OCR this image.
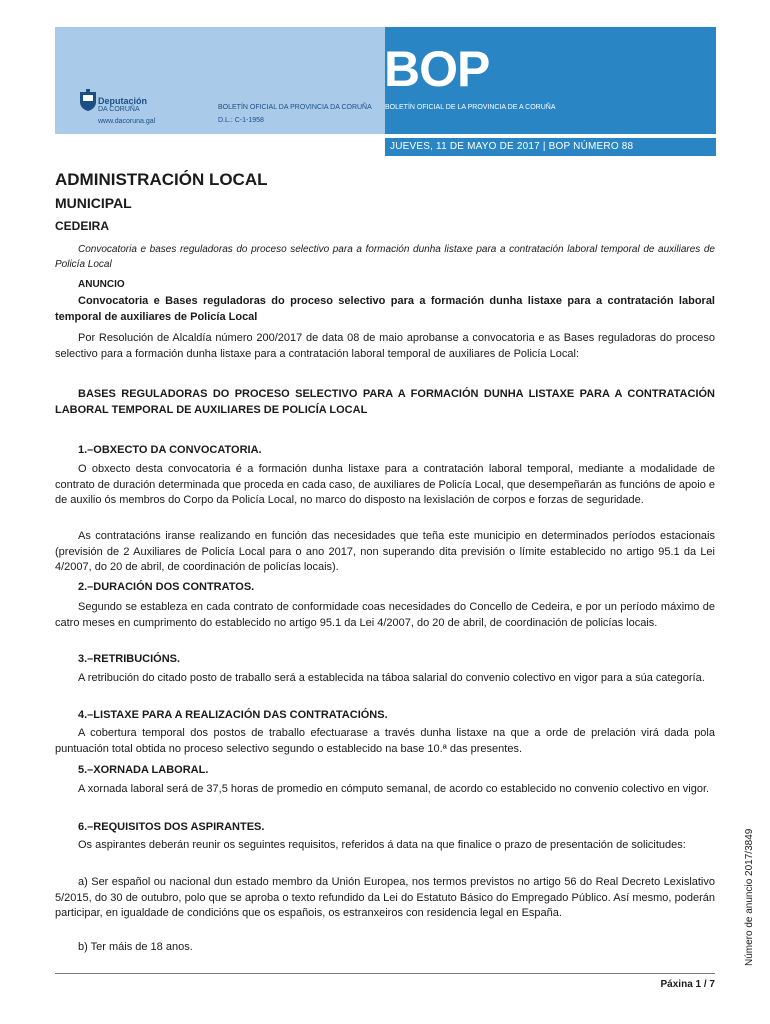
BOP
Deputación
DA CORUÑA
www.dacoruna.gal
BOLETÍN OFICIAL DA PROVINCIA DA CORUÑA BOLETÍN OFICIAL DE LA PROVINCIA DE A CORUÑA
D.L.: C-1-1958
JUEVES, 11 DE MAYO DE 2017 | BOP NÚMERO 88
ADMINISTRACIÓN LOCAL
MUNICIPAL
CEDEIRA
Convocatoria e bases reguladoras do proceso selectivo para a formación dunha listaxe para a contratación laboral temporal de auxiliares de Policía Local
ANUNCIO
Convocatoria e Bases reguladoras do proceso selectivo para a formación dunha listaxe para a contratación laboral temporal de auxiliares de Policía Local
Por Resolución de Alcaldía número 200/2017 de data 08 de maio aprobanse a convocatoria e as Bases reguladoras do proceso selectivo para a formación dunha listaxe para a contratación laboral temporal de auxiliares de Policía Local:
BASES REGULADORAS DO PROCESO SELECTIVO PARA A FORMACIÓN DUNHA LISTAXE PARA A CONTRATACIÓN LABORAL TEMPORAL DE AUXILIARES DE POLICÍA LOCAL
1.–OBXECTO DA CONVOCATORIA.
O obxecto desta convocatoria é a formación dunha listaxe para a contratación laboral temporal, mediante a modalidade de contrato de duración determinada que proceda en cada caso, de auxiliares de Policía Local, que desempeñarán as funcións de apoio e de auxilio ós membros do Corpo da Policía Local, no marco do disposto na lexislación de corpos e forzas de seguridade.
As contratacións iranse realizando en función das necesidades que teña este municipio en determinados períodos estacionais (previsión de 2 Auxiliares de Policía Local para o ano 2017, non superando dita previsión o límite establecido no artigo 95.1 da Lei 4/2007, do 20 de abril, de coordinación de policías locais).
2.–DURACIÓN DOS CONTRATOS.
Segundo se estableza en cada contrato de conformidade coas necesidades do Concello de Cedeira, e por un período máximo de catro meses en cumprimento do establecido no artigo 95.1 da Lei 4/2007, do 20 de abril, de coordinación de policías locais.
3.–RETRIBUCIÓNS.
A retribución do citado posto de traballo será a establecida na táboa salarial do convenio colectivo en vigor para a súa categoría.
4.–LISTAXE PARA A REALIZACIÓN DAS CONTRATACIÓNS.
A cobertura temporal dos postos de traballo efectuarase a través dunha listaxe na que a orde de prelación virá dada pola puntuación total obtida no proceso selectivo segundo o establecido na base 10.ª das presentes.
5.–XORNADA LABORAL.
A xornada laboral será de 37,5 horas de promedio en cómputo semanal, de acordo co establecido no convenio colectivo en vigor.
6.–REQUISITOS DOS ASPIRANTES.
Os aspirantes deberán reunir os seguintes requisitos, referidos á data na que finalice o prazo de presentación de solicitudes:
a) Ser español ou nacional dun estado membro da Unión Europea, nos termos previstos no artigo 56 do Real Decreto Lexislativo 5/2015, do 30 de outubro, polo que se aproba o texto refundido da Lei do Estatuto Básico do Empregado Público. Así mesmo, poderán participar, en igualdade de condicións que os españois, os estranxeiros con residencia legal en España.
b) Ter máis de 18 anos.	Número de anuncio 2017/3849
Páxina 1 / 7
